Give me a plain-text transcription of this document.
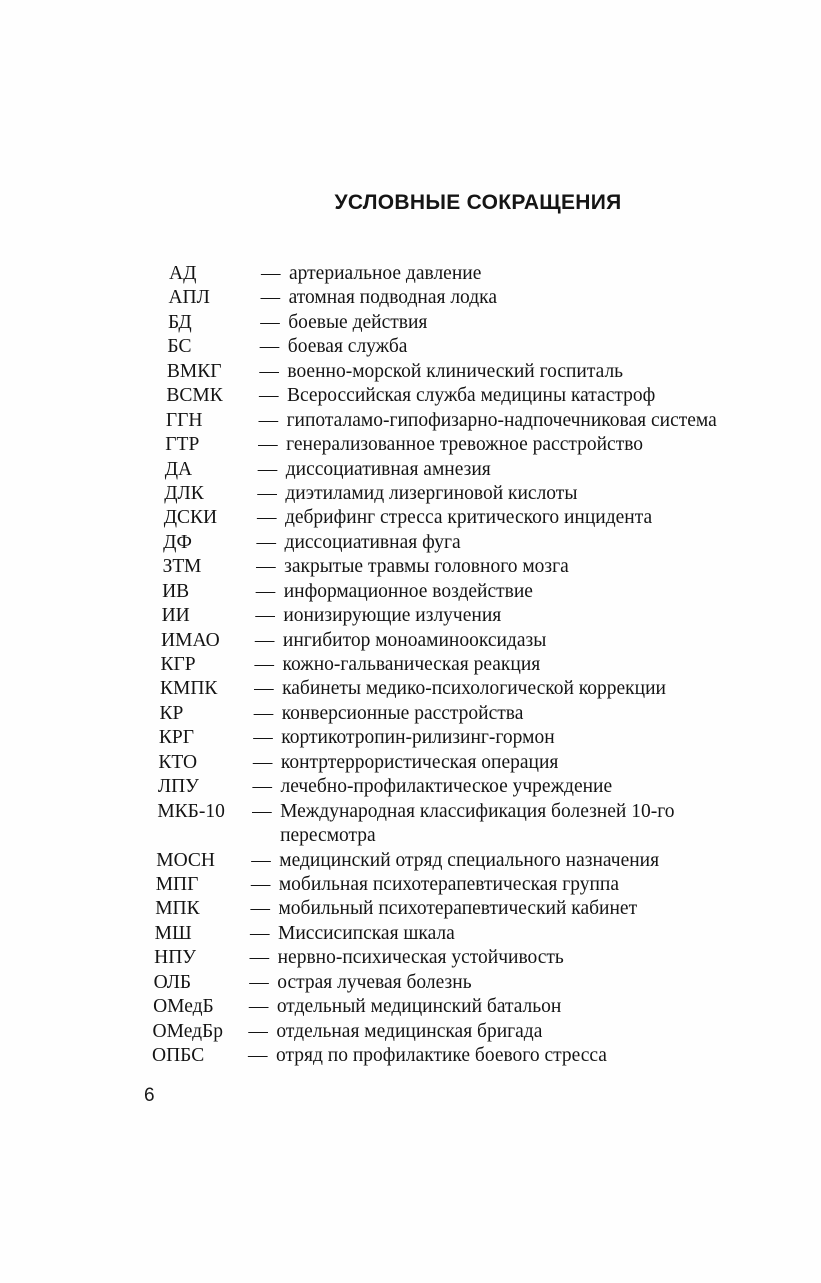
УСЛОВНЫЕ СОКРАЩЕНИЯ
АД	— артериальное давление
АПЛ	— атомная подводная лодка
БД	— боевые действия
БС	— боевая служба
ВМКГ — военно-морской клинический госпиталь
ВСМК — Всероссийская служба медицины катастроф
ГГН	— гипоталамо-гипофизарно-надпочечниковая система
ГТР	— генерализованное тревожное расстройство
ДА	— диссоциативная амнезия
ДЛК	— диэтиламид лизергиновой кислоты
ДСКИ — дебрифинг стресса критического инцидента
ДФ	— диссоциативная фуга
ЗТМ	— закрытые травмы головного мозга
ИВ	— информационное воздействие
ИИ	— ионизирующие излучения
ИМАО — ингибитор моноаминооксидазы
КГР	— кожно-гальваническая реакция
КМПК — кабинеты медико-психологической коррекции
КР	— конверсионные расстройства
КРГ	— кортикотропин-рилизинг-гормон
КТО	— контртеррористическая операция
ЛПУ	— лечебно-профилактическое учреждение
МКБ-10 — Международная классификация болезней 10-го пересмотра
МОСН — медицинский отряд специального назначения
МПГ	— мобильная психотерапевтическая группа
МПК	— мобильный психотерапевтический кабинет
МШ	— Миссисипская шкала
НПУ	— нервно-психическая устойчивость
ОЛБ	— острая лучевая болезнь
ОМедБ — отдельный медицинский батальон
ОМедБр — отдельная медицинская бригада
ОПБС — отряд по профилактике боевого стресса
6
